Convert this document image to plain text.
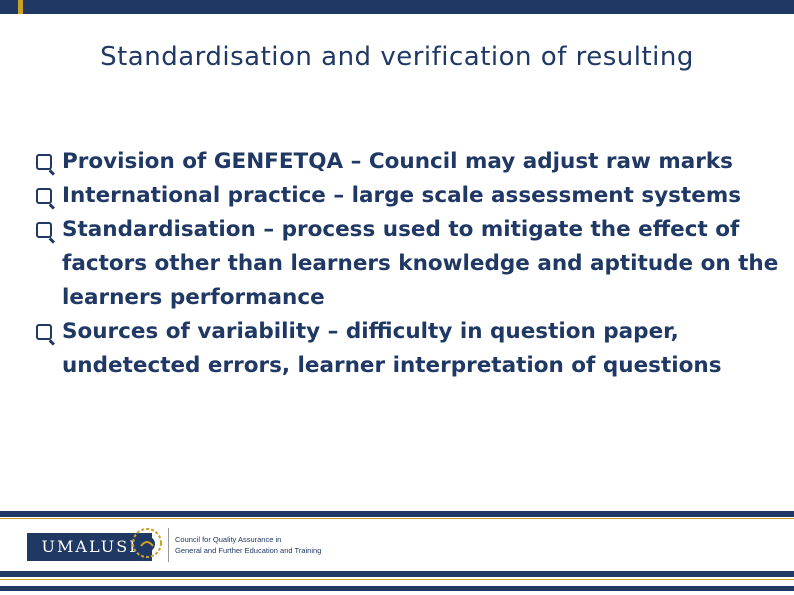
Standardisation and verification of resulting
Provision of GENFETQA – Council may adjust raw marks
International practice – large scale assessment systems
Standardisation – process used to mitigate the effect of factors other than learners knowledge and aptitude on the learners performance
Sources of variability – difficulty in question paper, undetected errors, learner interpretation of questions
UMALUSI	Council for Quality Assurance in
General and Further Education and Training
